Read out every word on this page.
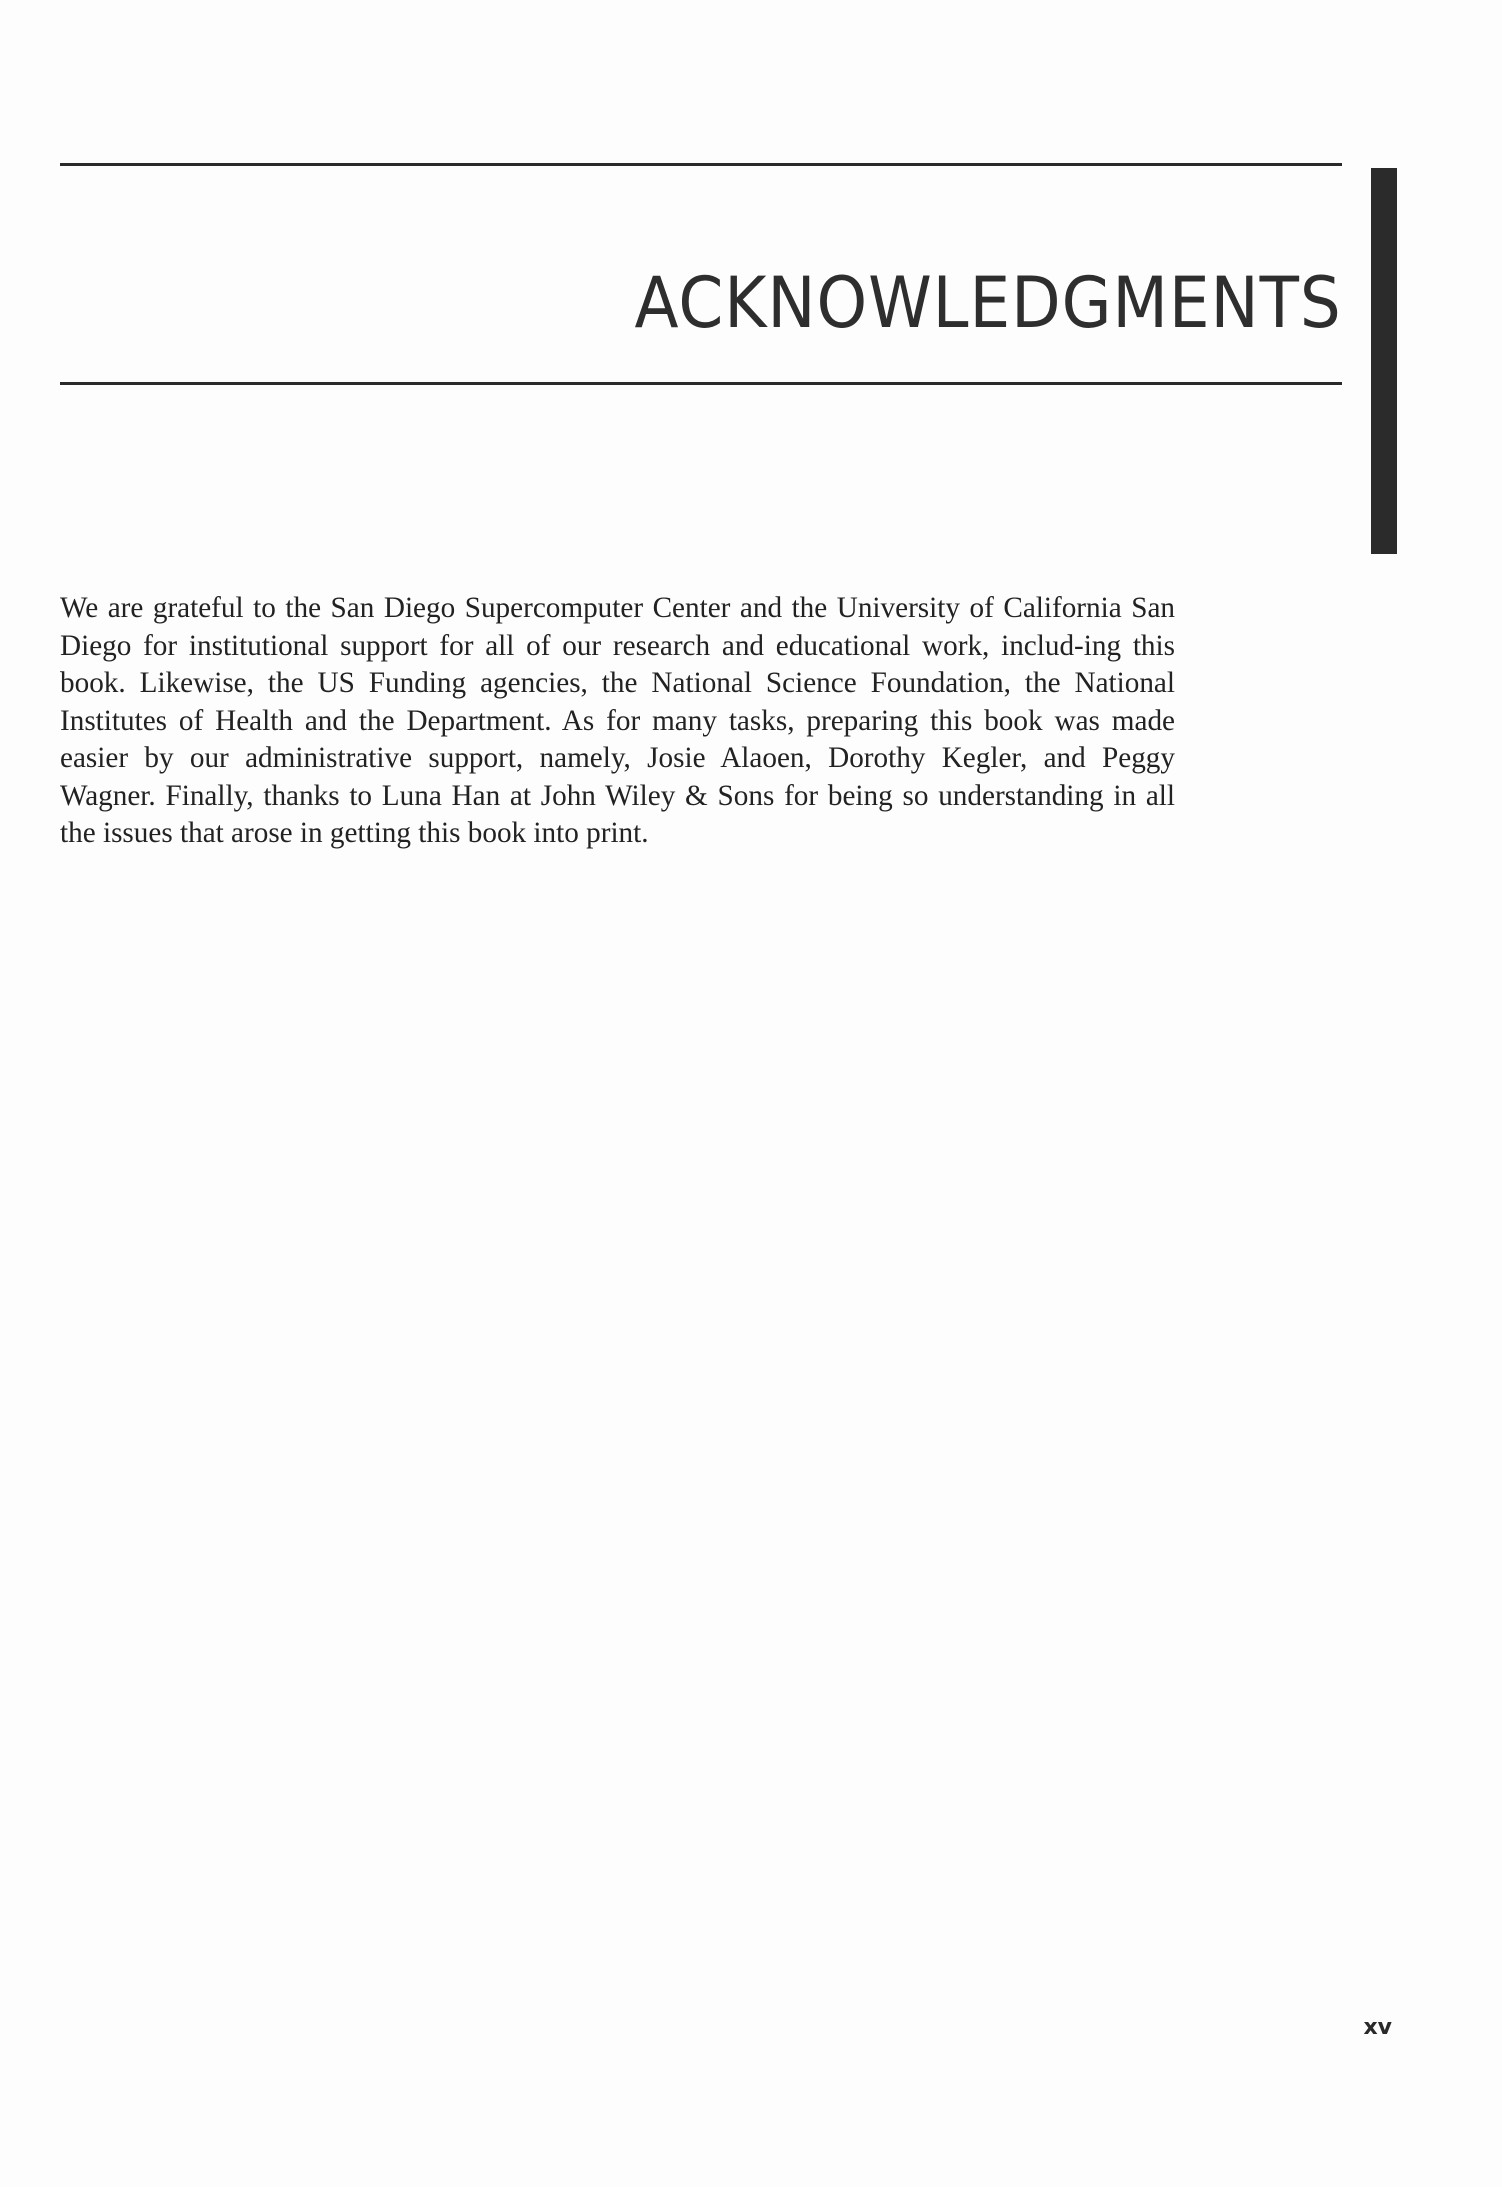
ACKNOWLEDGMENTS

We are grateful to the San Diego Supercomputer Center and the University of California San Diego for institutional support for all of our research and educational work, includ-ing this book. Likewise, the US Funding agencies, the National Science Foundation, the National Institutes of Health and the Department. As for many tasks, preparing this book was made easier by our administrative support, namely, Josie Alaoen, Dorothy Kegler, and Peggy Wagner. Finally, thanks to Luna Han at John Wiley & Sons for being so understanding in all the issues that arose in getting this book into print.

xv
